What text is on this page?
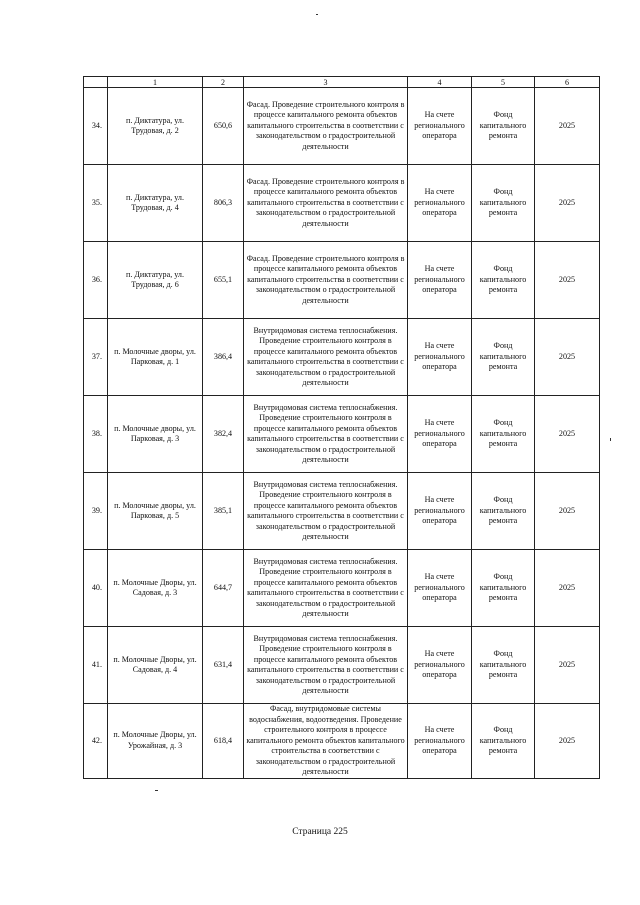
	1	2	3	4	5	6
34.	п. Диктатура, ул. Трудовая, д. 2	650,6	Фасад. Проведение строительного контроля в процессе капитального ремонта объектов капитального строительства в соответствии с законодательством о градостроительной деятельности	На счете регионального оператора	Фонд капитального ремонта	2025
35.	п. Диктатура, ул. Трудовая, д. 4	806,3	Фасад. Проведение строительного контроля в процессе капитального ремонта объектов капитального строительства в соответствии с законодательством о градостроительной деятельности	На счете регионального оператора	Фонд капитального ремонта	2025
36.	п. Диктатура, ул. Трудовая, д. 6	655,1	Фасад. Проведение строительного контроля в процессе капитального ремонта объектов капитального строительства в соответствии с законодательством о градостроительной деятельности	На счете регионального оператора	Фонд капитального ремонта	2025
37.	п. Молочные дворы, ул. Парковая, д. 1	386,4	Внутридомовая система теплоснабжения. Проведение строительного контроля в процессе капитального ремонта объектов капитального строительства в соответствии с законодательством о градостроительной деятельности	На счете регионального оператора	Фонд капитального ремонта	2025
38.	п. Молочные дворы, ул. Парковая, д. 3	382,4	Внутридомовая система теплоснабжения. Проведение строительного контроля в процессе капитального ремонта объектов капитального строительства в соответствии с законодательством о градостроительной деятельности	На счете регионального оператора	Фонд капитального ремонта	2025
39.	п. Молочные дворы, ул. Парковая, д. 5	385,1	Внутридомовая система теплоснабжения. Проведение строительного контроля в процессе капитального ремонта объектов капитального строительства в соответствии с законодательством о градостроительной деятельности	На счете регионального оператора	Фонд капитального ремонта	2025
40.	п. Молочные Дворы, ул. Садовая, д. 3	644,7	Внутридомовая система теплоснабжения. Проведение строительного контроля в процессе капитального ремонта объектов капитального строительства в соответствии с законодательством о градостроительной деятельности	На счете регионального оператора	Фонд капитального ремонта	2025
41.	п. Молочные Дворы, ул. Садовая, д. 4	631,4	Внутридомовая система теплоснабжения. Проведение строительного контроля в процессе капитального ремонта объектов капитального строительства в соответствии с законодательством о градостроительной деятельности	На счете регионального оператора	Фонд капитального ремонта	2025
42.	п. Молочные Дворы, ул. Урожайная, д. 3	618,4	Фасад, внутридомовые системы водоснабжения, водоотведения. Проведение строительного контроля в процессе капитального ремонта объектов капитального строительства в соответствии с законодательством о градостроительной деятельности	На счете регионального оператора	Фонд капитального ремонта	2025
Страница 225
